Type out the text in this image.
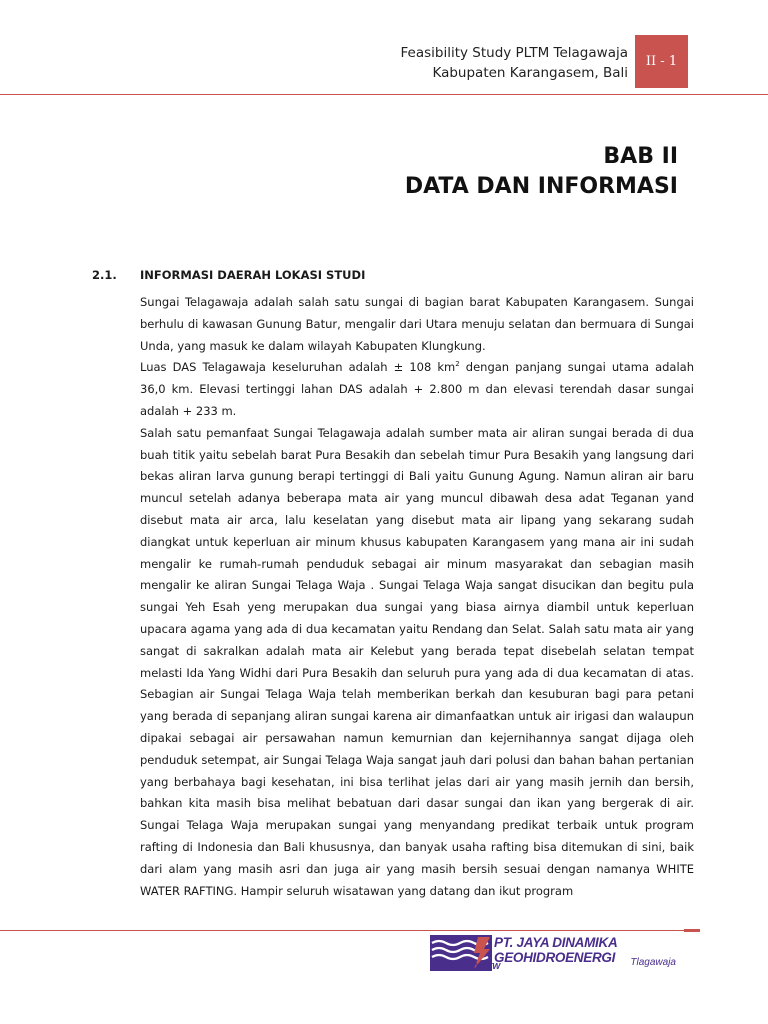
Feasibility Study PLTM Telagawaja
Kabupaten Karangasem, Bali
II - 1
BAB II
DATA DAN INFORMASI
2.1. INFORMASI DAERAH LOKASI STUDI

Sungai Telagawaja adalah salah satu sungai di bagian barat Kabupaten Karangasem. Sungai berhulu di kawasan Gunung Batur, mengalir dari Utara menuju selatan dan bermuara di Sungai Unda, yang masuk ke dalam wilayah Kabupaten Klungkung.

Luas DAS Telagawaja keseluruhan adalah ± 108 $km^2$ dengan panjang sungai utama adalah 36,0 km. Elevasi tertinggi lahan DAS adalah + 2.800 m dan elevasi terendah dasar sungai adalah + 233 m.

Salah satu pemanfaat Sungai Telagawaja adalah sumber mata air aliran sungai berada di dua buah titik yaitu sebelah barat Pura Besakih dan sebelah timur Pura Besakih yang langsung dari bekas aliran larva gunung berapi tertinggi di Bali yaitu Gunung Agung. Namun aliran air baru muncul setelah adanya beberapa mata air yang muncul dibawah desa adat Teganan yand disebut mata air arca, lalu keselatan yang disebut mata air lipang yang sekarang sudah diangkat untuk keperluan air minum khusus kabupaten Karangasem yang mana air ini sudah mengalir ke rumah-rumah penduduk sebagai air minum masyarakat dan sebagian masih mengalir ke aliran Sungai Telaga Waja . Sungai Telaga Waja sangat disucikan dan begitu pula sungai Yeh Esah yeng merupakan dua sungai yang biasa airnya diambil untuk keperluan upacara agama yang ada di dua kecamatan yaitu Rendang dan Selat. Salah satu mata air yang sangat di sakralkan adalah mata air Kelebut yang berada tepat disebelah selatan tempat melasti Ida Yang Widhi dari Pura Besakih dan seluruh pura yang ada di dua kecamatan di atas. Sebagian air Sungai Telaga Waja telah memberikan berkah dan kesuburan bagi para petani yang berada di sepanjang aliran sungai karena air dimanfaatkan untuk air irigasi dan walaupun dipakai sebagai air persawahan namun kemurnian dan kejernihannya sangat dijaga oleh penduduk setempat, air Sungai Telaga Waja sangat jauh dari polusi dan bahan bahan pertanian yang berbahaya bagi kesehatan, ini bisa terlihat jelas dari air yang masih jernih dan bersih, bahkan kita masih bisa melihat bebatuan dari dasar sungai dan ikan yang bergerak di air. Sungai Telaga Waja merupakan sungai yang menyandang predikat terbaik untuk program rafting di Indonesia dan Bali khususnya, dan banyak usaha rafting bisa ditemukan di sini, baik dari alam yang masih asri dan juga air yang masih bersih sesuai dengan namanya WHITE WATER RAFTING. Hampir seluruh wisatawan yang datang dan ikut program

PT. JAYA DINAMIKA GEOHIDROENERGI
DG TW	Tlagawaja
